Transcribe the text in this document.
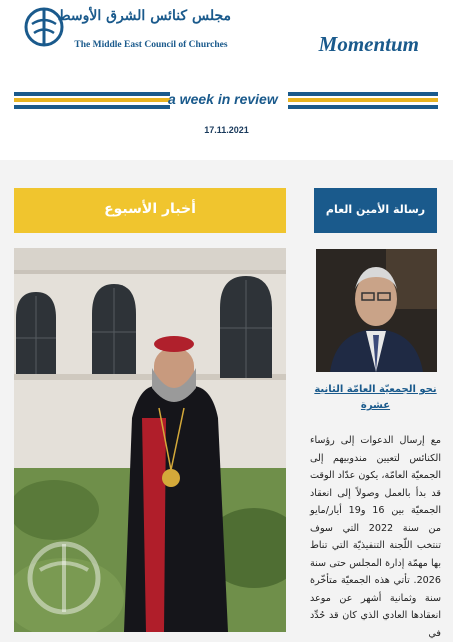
مجلس كنائس الشرق الأوسط
The Middle East Council of Churches	Momentum
a week in review
17.11.2021
أخبار الأسبوع	رسالة الأمين العام
نحو الجمعيّة العامّة الثانية عشرة
مع إرسال الدعوات إلى رؤساء الكنائس لتعيين مندوبيهم إلى الجمعيّة العامّة، يكون عدّاد الوقت قد بدأ بالعمل وصولاً إلى انعقاد الجمعيّة بين 16 و19 أيار/مايو من سنة 2022 التي سوف تنتخب اللّجنة التنفيذيّة التي تناط بها مهمّة إدارة المجلس حتى سنة 2026. تأتي هذه الجمعيّة متأخّرة سنة وثمانية أشهر عن موعد انعقادها العادي الذي كان قد حُدِّد في
